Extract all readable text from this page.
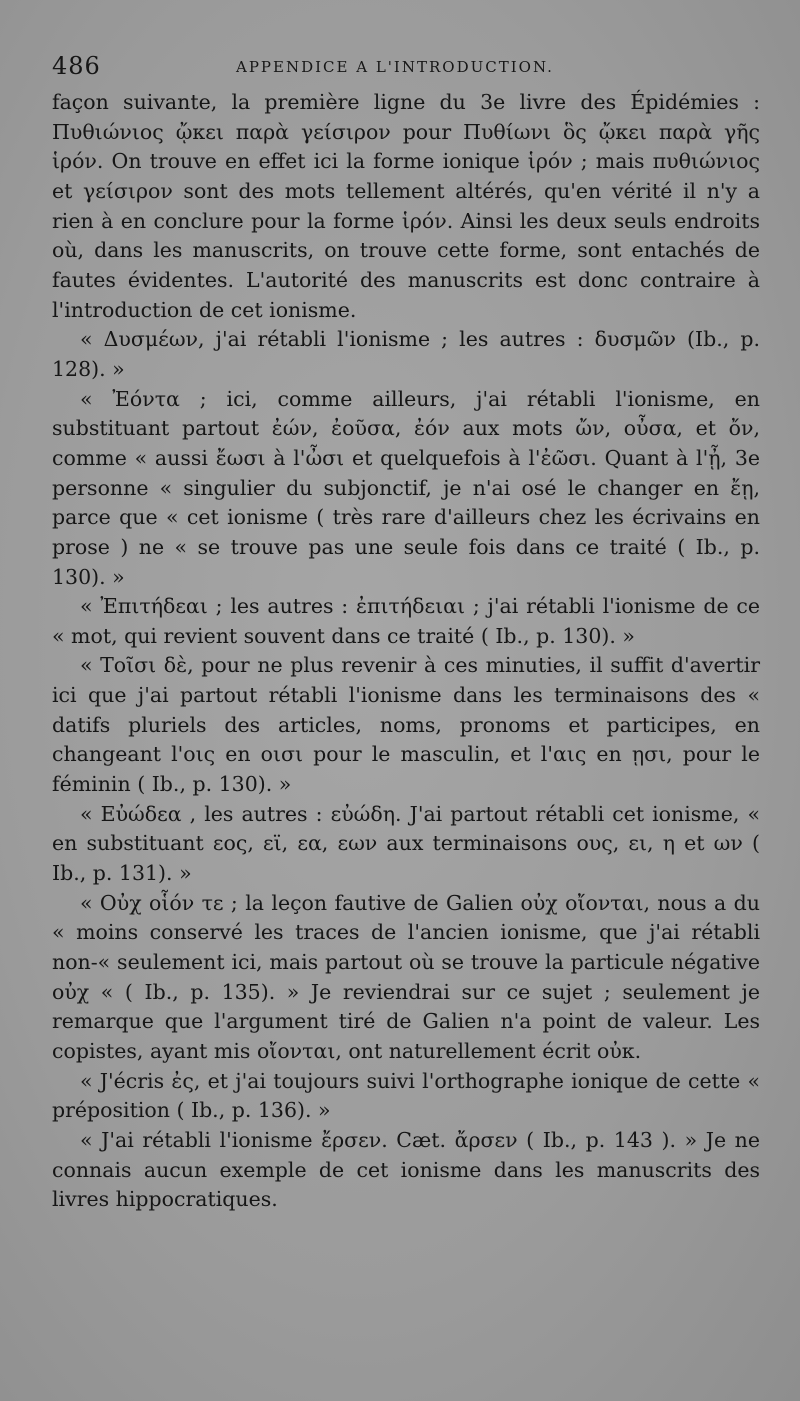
486	APPENDICE A L'INTRODUCTION.

façon suivante, la première ligne du 3e livre des Épidémies : Πυθιώνιος ᾤκει παρὰ γείσιρον pour Πυθίωνι ὃς ᾤκει παρὰ γῆς ἱρόν. On trouve en effet ici la forme ionique ἱρόν ; mais πυθιώνιος et γείσιρον sont des mots tellement altérés, qu'en vérité il n'y a rien à en conclure pour la forme ἱρόν. Ainsi les deux seuls endroits où, dans les manuscrits, on trouve cette forme, sont entachés de fautes évidentes. L'autorité des manuscrits est donc contraire à l'introduction de cet ionisme.

« Δυσμέων, j'ai rétabli l'ionisme ; les autres : δυσμῶν (Ib., p. 128). »

« Ἐόντα ; ici, comme ailleurs, j'ai rétabli l'ionisme, en substituant partout ἐών, ἐοῦσα, ἐόν aux mots ὤν, οὖσα, et ὄν, comme « aussi ἔωσι à l'ὦσι et quelquefois à l'ἐῶσι. Quant à l'ᾖ, 3e personne « singulier du subjonctif, je n'ai osé le changer en ἔῃ, parce que « cet ionisme ( très rare d'ailleurs chez les écrivains en prose ) ne « se trouve pas une seule fois dans ce traité ( Ib., p. 130). »

« Ἐπιτήδεαι ; les autres : ἐπιτήδειαι ; j'ai rétabli l'ionisme de ce « mot, qui revient souvent dans ce traité ( Ib., p. 130). »

« Τοῖσι δὲ, pour ne plus revenir à ces minuties, il suffit d'avertir ici que j'ai partout rétabli l'ionisme dans les terminaisons des « datifs pluriels des articles, noms, pronoms et participes, en changeant l'οις en οισι pour le masculin, et l'αις en ῃσι, pour le féminin ( Ib., p. 130). »

« Εὐώδεα , les autres : εὐώδη. J'ai partout rétabli cet ionisme, « en substituant εος, εϊ, εα, εων aux terminaisons ους, ει, η et ων ( Ib., p. 131). »

« Οὐχ οἷόν τε ; la leçon fautive de Galien οὐχ οἴονται, nous a du « moins conservé les traces de l'ancien ionisme, que j'ai rétabli non-« seulement ici, mais partout où se trouve la particule négative οὐχ « ( Ib., p. 135). » Je reviendrai sur ce sujet ; seulement je remarque que l'argument tiré de Galien n'a point de valeur. Les copistes, ayant mis οἴονται, ont naturellement écrit οὐκ.

« J'écris ἐς, et j'ai toujours suivi l'orthographe ionique de cette « préposition ( Ib., p. 136). »

« J'ai rétabli l'ionisme ἔρσεν. Cæt. ἄρσεν ( Ib., p. 143 ). » Je ne connais aucun exemple de cet ionisme dans les manuscrits des livres hippocratiques.
